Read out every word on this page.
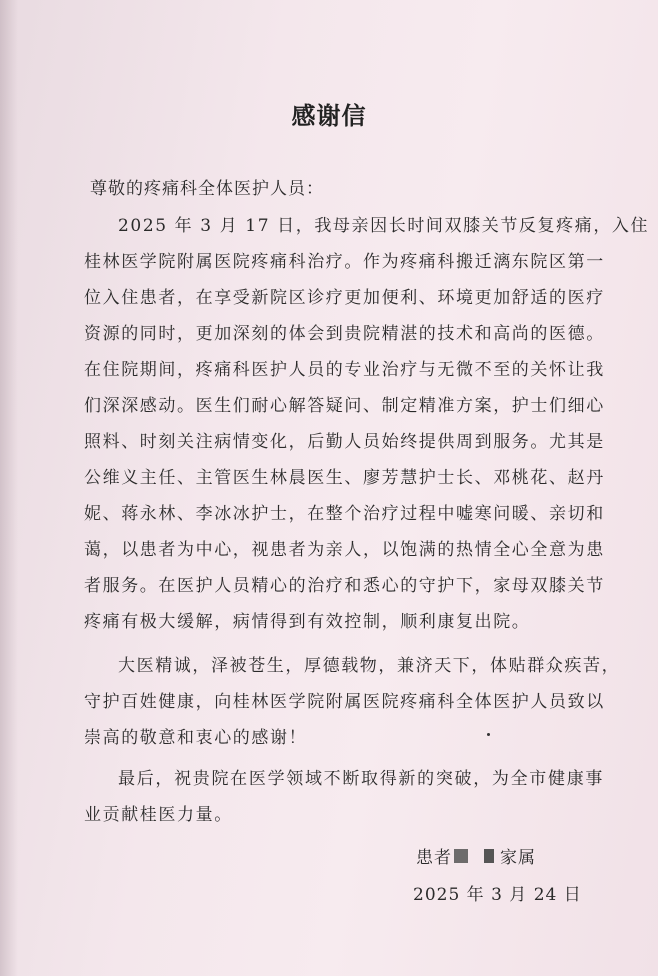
感谢信
尊敬的疼痛科全体医护人员：
2025 年 3 月 17 日，我母亲因长时间双膝关节反复疼痛，入住
桂林医学院附属医院疼痛科治疗。作为疼痛科搬迁漓东院区第一
位入住患者，在享受新院区诊疗更加便利、环境更加舒适的医疗
资源的同时，更加深刻的体会到贵院精湛的技术和高尚的医德。
在住院期间，疼痛科医护人员的专业治疗与无微不至的关怀让我
们深深感动。医生们耐心解答疑问、制定精准方案，护士们细心
照料、时刻关注病情变化，后勤人员始终提供周到服务。尤其是
公维义主任、主管医生林晨医生、廖芳慧护士长、邓桃花、赵丹
妮、蒋永林、李冰冰护士，在整个治疗过程中嘘寒问暖、亲切和
蔼，以患者为中心，视患者为亲人，以饱满的热情全心全意为患
者服务。在医护人员精心的治疗和悉心的守护下，家母双膝关节
疼痛有极大缓解，病情得到有效控制，顺利康复出院。
大医精诚，泽被苍生，厚德载物，兼济天下，体贴群众疾苦，
守护百姓健康，向桂林医学院附属医院疼痛科全体医护人员致以
崇高的敬意和衷心的感谢！
最后，祝贵院在医学领域不断取得新的突破，为全市健康事
业贡献桂医力量。
患者	家属
2025 年 3 月 24 日
